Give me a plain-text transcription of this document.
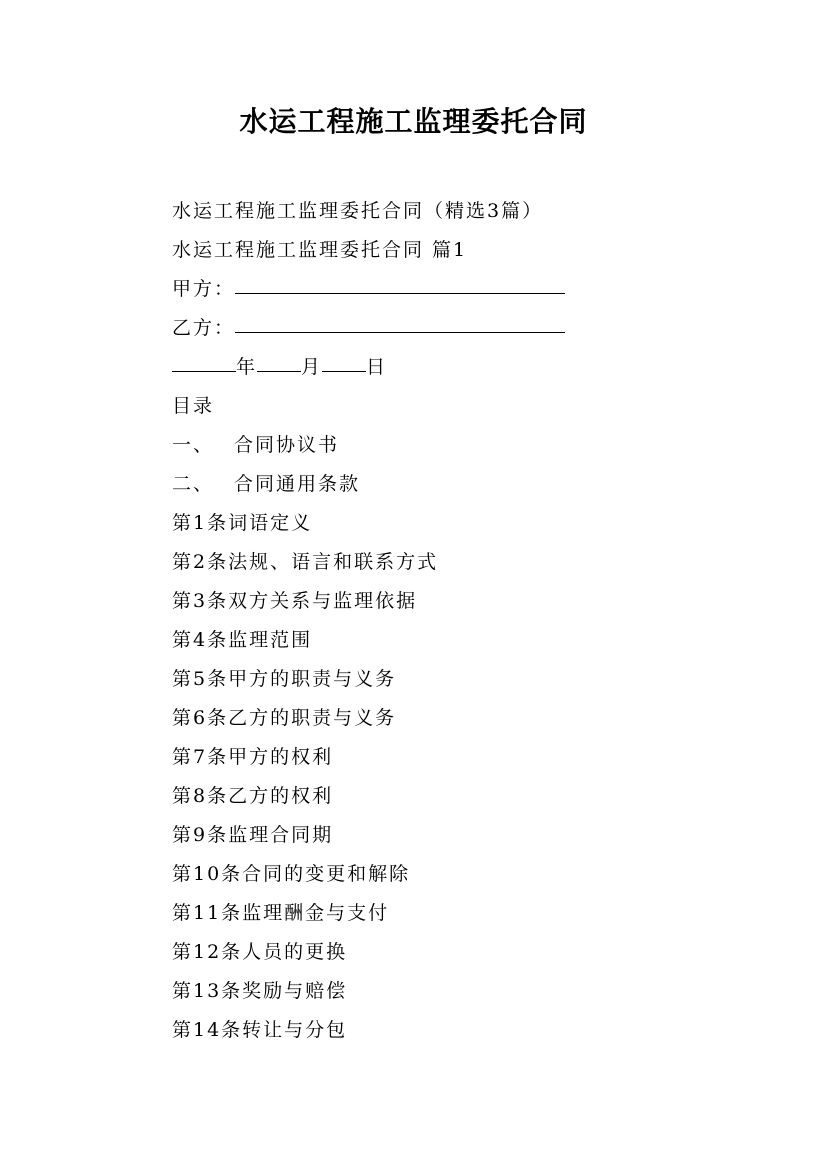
水运工程施工监理委托合同
水运工程施工监理委托合同（精选3篇）
水运工程施工监理委托合同 篇1
甲方：
乙方：
年 月 日
目录
一、 合同协议书
二、 合同通用条款
第1条词语定义
第2条法规、语言和联系方式
第3条双方关系与监理依据
第4条监理范围
第5条甲方的职责与义务
第6条乙方的职责与义务
第7条甲方的权利
第8条乙方的权利
第9条监理合同期
第10条合同的变更和解除
第11条监理酬金与支付
第12条人员的更换
第13条奖励与赔偿
第14条转让与分包
